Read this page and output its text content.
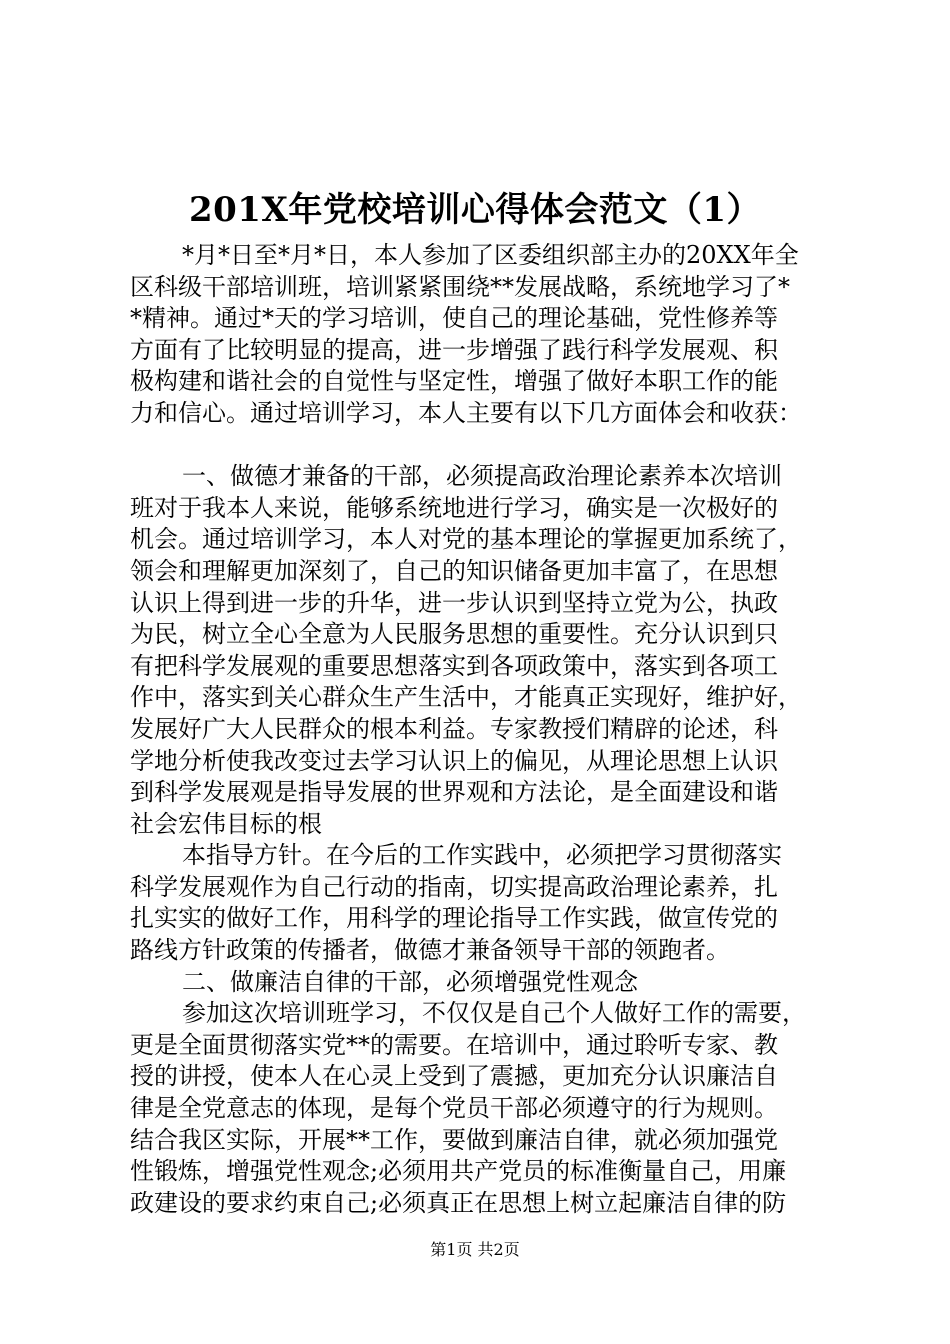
201X年党校培训心得体会范文（1）
*月*日至*月*日，本人参加了区委组织部主办的20XX年全
区科级干部培训班，培训紧紧围绕**发展战略，系统地学习了*
*精神。通过*天的学习培训，使自己的理论基础，党性修养等
方面有了比较明显的提高，进一步增强了践行科学发展观、积
极构建和谐社会的自觉性与坚定性，增强了做好本职工作的能
力和信心。通过培训学习，本人主要有以下几方面体会和收获：
一、做德才兼备的干部，必须提高政治理论素养本次培训
班对于我本人来说，能够系统地进行学习，确实是一次极好的
机会。通过培训学习，本人对党的基本理论的掌握更加系统了，
领会和理解更加深刻了，自己的知识储备更加丰富了，在思想
认识上得到进一步的升华，进一步认识到坚持立党为公，执政
为民，树立全心全意为人民服务思想的重要性。充分认识到只
有把科学发展观的重要思想落实到各项政策中，落实到各项工
作中，落实到关心群众生产生活中，才能真正实现好，维护好，
发展好广大人民群众的根本利益。专家教授们精辟的论述，科
学地分析使我改变过去学习认识上的偏见，从理论思想上认识
到科学发展观是指导发展的世界观和方法论，是全面建设和谐
社会宏伟目标的根
本指导方针。在今后的工作实践中，必须把学习贯彻落实
科学发展观作为自己行动的指南，切实提高政治理论素养，扎
扎实实的做好工作，用科学的理论指导工作实践，做宣传党的
路线方针政策的传播者，做德才兼备领导干部的领跑者。
二、做廉洁自律的干部，必须增强党性观念
参加这次培训班学习，不仅仅是自己个人做好工作的需要，
更是全面贯彻落实党**的需要。在培训中，通过聆听专家、教
授的讲授，使本人在心灵上受到了震撼，更加充分认识廉洁自
律是全党意志的体现，是每个党员干部必须遵守的行为规则。
结合我区实际，开展**工作，要做到廉洁自律，就必须加强党
性锻炼，增强党性观念;必须用共产党员的标准衡量自己，用廉
政建设的要求约束自己;必须真正在思想上树立起廉洁自律的防
第1页 共2页
